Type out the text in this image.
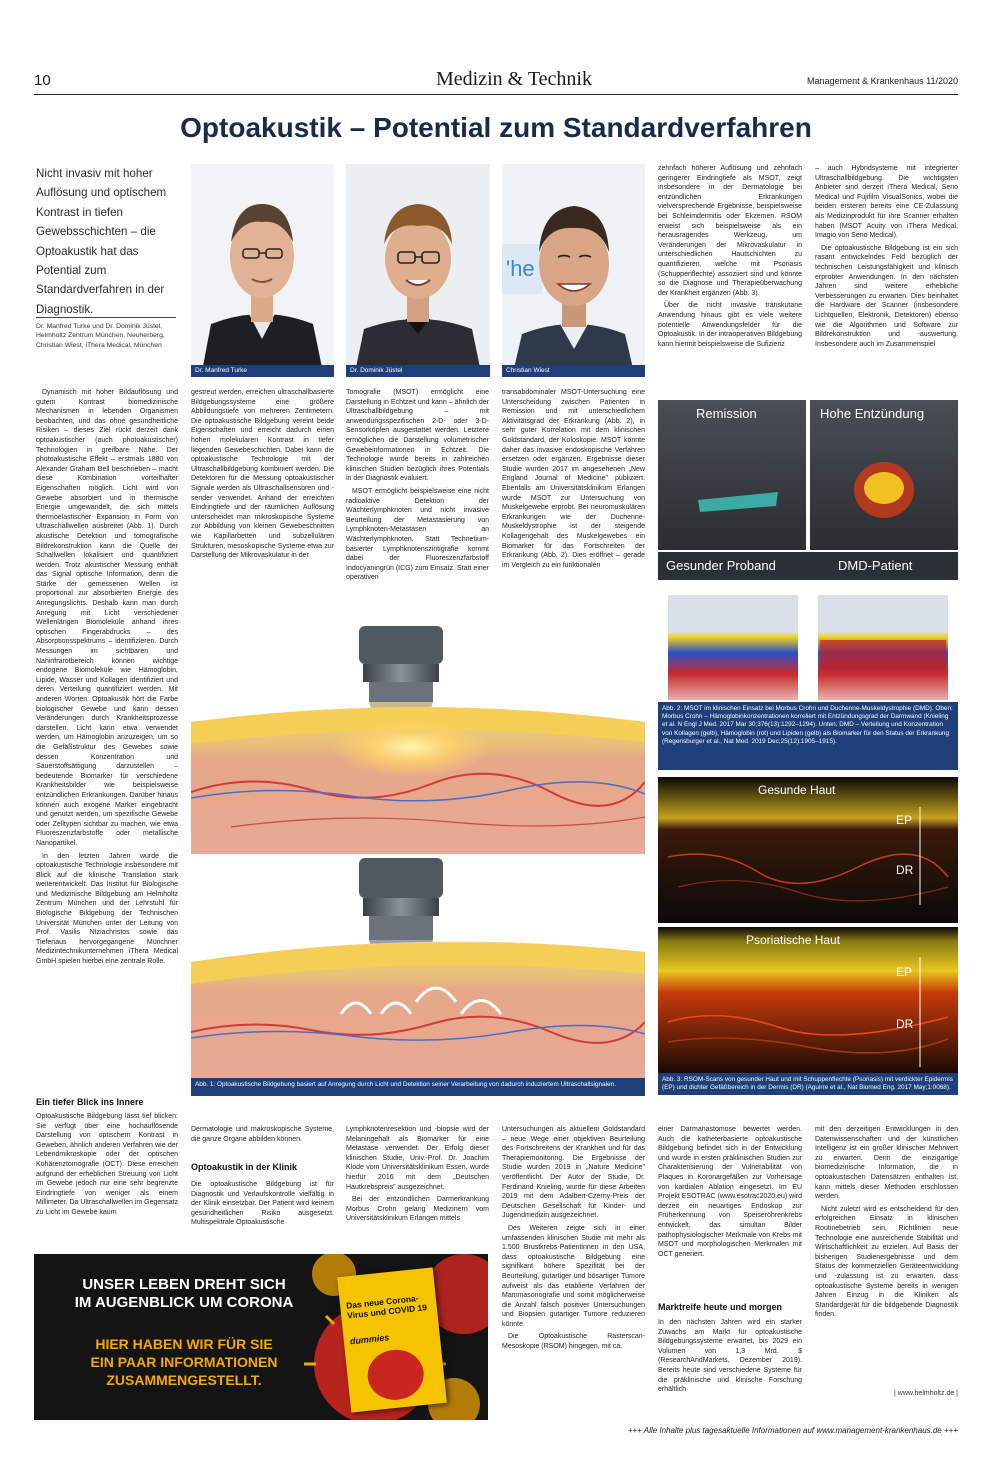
10	Medizin & Technik	Management & Krankenhaus 11/2020
Optoakustik – Potential zum Standardverfahren
Nicht invasiv mit hoher Auflösung und optischem Kontrast in tiefen Gewebsschichten – die Optoakustik hat das Potential zum Standardverfahren in der Diagnostik.
Dr. Manfred Turke und Dr. Dominik Jüstel, Helmholtz Zentrum München, Neuherberg, Christian Wiest, iThera Medical, München
Dr. Manfred Turke	Dr. Dominik Jüstel
'he
Christian Wiest

Dynamisch mit hoher Bildauflösung und gutem Kontrast biomedizinische Mechanismen in lebenden Organismen beobachten, und das ohne gesundheitliche Risiken – dieses Ziel rückt derzeit dank optoakustischer (auch photoakustischer) Technologien in greifbare Nähe. Der photoakustische Effekt – erstmals 1880 von Alexander Graham Bell beschrieben – macht diese Kombination vorteilhafter Eigenschaften möglich. Licht wird von Gewebe absorbiert und in thermische Energie umgewandelt, die sich mittels thermoelastischer Expansion in Form von Ultraschallwellen ausbreitet (Abb. 1). Durch akustische Detektion und tomografische Bildrekonstruktion kann die Quelle der Schallwellen lokalisiert und quantifiziert werden. Trotz akustischer Messung enthält das Signal optische Information, denn die Stärke der gemessenen Wellen ist proportional zur absorbierten Energie des Anregungslichts. Deshalb kann man durch Anregung mit Licht verschiedener Wellenlängen Biomoleküle anhand ihres optischen Fingerabdrucks – des Absorptionsspektrums – identifizieren. Durch Messungen im sichtbaren und Nahinfrarotbereich können wichtige endogene Biomoleküle wie Hämoglobin, Lipide, Wasser und Kollagen identifiziert und deren Verteilung quantifiziert werden. Mit anderen Worten: Optoakustik hört die Farbe biologischer Gewebe und kann dessen Veränderungen durch Krankheitsprozesse darstellen. Licht kann etwa verwendet werden, um Hämoglobin anzuzeigen, um so die Gefäßstruktur des Gewebes sowie dessen Konzentration und Sauerstoffsättigung darzustellen – bedeutende Biomarker für verschiedene Krankheitsbilder wie beispielsweise entzündlichen Erkrankungen. Darüber hinaus können auch exogene Marker eingebracht und genutzt werden, um spezifische Gewebe oder Zelltypen sichtbar zu machen, wie etwa Fluoreszenzfarbstoffe oder metallische Nanopartikel.

In den letzten Jahren wurde die optoakustische Technologie insbesondere mit Blick auf die klinische Translation stark weiterentwickelt. Das Institut für Biologische und Medizinische Bildgebung am Helmholtz Zentrum München und der Lehrstuhl für Biologische Bildgebung der Technischen Universität München unter der Leitung von Prof. Vasilis Ntziachristos sowie das Tiefenaus hervorgegangene Münchner Medizintechnikunternehmen iThera Medical GmbH spielen hierbei eine zentrale Rolle.

Ein tiefer Blick ins Innere

Optoakustische Bildgebung lässt tief blicken: Sie verfügt über eine hochauflösende Darstellung von optischem Kontrast in Geweben, ähnlich anderen Verfahren wie der Lebendmikroskopie oder der optischen Kohärenztomografie (OCT). Diese erreichen aufgrund der erheblichen Streuung von Licht im Gewebe jedoch nur eine sehr begrenzte Eindringtiefe von weniger als einem Millimeter. Da Ultraschallwellen im Gegensatz zu Licht im Gewebe kaum

gestreut werden, erreichen ultraschallbasierte Bildgebungssysteme eine größere Abbildungstiefe von mehreren Zentimetern. Die optoakustische Bildgebung vereint beide Eigenschaften und erreicht dadurch einen hohen molekularen Kontrast in tiefer liegenden Gewebeschichten. Dabei kann die optoakustische Technologie mit der Ultraschallbildgebung kombiniert werden. Die Detektoren für die Messung optoakustischer Signale werden als Ultraschallsensoren und -sender verwendet. Anhand der erreichten Eindringtiefe und der räumlichen Auflösung unterscheidet man mikroskopische Systeme zur Abbildung von kleinen Gewebeschnitten wie Kapillarbetten und subzellulären Strukturen, mesoskopische Systeme etwa zur Darstellung der Mikrovaskulatur in der

Tomografie (MSOT) ermöglicht eine Darstellung in Echtzeit und kann – ähnlich der Ultraschallbildgebung – mit anwendungsspezifischen 2-D- oder 3-D-Sensorköpfen ausgestattet werden. Letztere ermöglichen die Darstellung volumetrischer Gewebeinformationen in Echtzeit. Die Technologie wurde bereits in zahlreichen klinischen Studien bezüglich ihres Potentials in der Diagnostik evaluiert.

MSOT ermöglicht beispielsweise eine nicht radioaktive Detektion der Wächterlymphknoten und nicht invasive Beurteilung der Metastasierung von Lymphknoten-Metastasen an Wächterlymphknoten. Statt Technetium-basierter Lymphknotenszintigrafie kommt dabei der Fluoreszenzfarbstoff Indocyaningrün (ICG) zum Einsatz. Statt einer operativen

transabdominaler MSOT-Untersuchung eine Unterscheidung zwischen Patienten in Remission und mit unterschiedlichem Aktivitätsgrad der Erkrankung (Abb. 2), in sehr guter Korrelation mit dem klinischen Goldstandard, der Koloskopie. MSOT könnte daher das invasive endoskopische Verfahren ersetzen oder ergänzen. Ergebnisse dieser Studie wurden 2017 im angesehenen „New England Journal of Medicine" publiziert. Ebenfalls am Universitätsklinikum Erlangen wurde MSOT zur Untersuchung von Muskelgewebe erprobt. Bei neuromuskulären Erkrankungen wie der Duchenne-Muskeldystrophie ist der steigende Kollagengehalt des Muskelgewebes ein Biomarker für das Fortschreiten der Erkrankung (Abb. 2). Dies eröffnet – gerade im Vergleich zu ein funktionalen

zehnfach höherer Auflösung und zehnfach geringerer Eindringtiefe als MSOT, zeigt insbesondere in der Dermatologie bei entzündlichen Erkrankungen vielversprechende Ergebnisse, beispielsweise bei Schleimdermitis oder Ekzemen. RSOM erweist sich beispielsweise als ein herausragendes Werkzeug, um Veränderungen der Mikrovaskulatur in unterschiedlichen Hautschichten zu quantifizieren, welche mit Psoriasis (Schuppenflechte) assoziiert sind und könnte so die Diagnose und Therapieüberwachung der Krankheit ergänzen (Abb. 3).

Über die nicht invasive transkutane Anwendung hinaus gibt es viele weitere potentielle Anwendungsfelder für die Optoakustik. In der intraoperativen Bildgebung kann hiermit beispielsweise die Sufizienz

– auch Hybridsysteme mit integrierter Ultraschallbildgebung. Die wichtigsten Anbieter sind derzeit iThera Medical, Seno Medical und Fujifilm VisualSonics, wobei die beiden ersteren bereits eine CE-Zulassung als Medizinprodukt für ihre Scanner erhalten haben (MSOT Acuity von iThera Medical, Imagio von Seno Medical).

Die optoakustische Bildgebung ist ein sich rasant entwickelndes Feld bezüglich der technischen Leistungsfähigkeit und klinisch erprobter Anwendungen. In den nächsten Jahren sind weitere erhebliche Verbesserungen zu erwarten. Dies beinhaltet die Hardware der Scanner (insbesondere Lichtquellen, Elektronik, Detektoren) ebenso wie die Algorithmen und Software zur Bildrekonstruktion und -auswertung. Insbesondere auch im Zusammenspiel

Abb. 1: Optoakustische Bildgebung basiert auf Anregung durch Licht und Detektion seiner Verarbeitung von dadurch induziertem Ultraschallsignalen.
Remission	Hohe Entzündung
Gesunder Proband	DMD-Patient
Abb. 2: MSOT im klinischen Einsatz bei Morbus Crohn und Duchenne-Muskeldystrophie (DMD). Oben: Morbus Crohn – Hämoglobinkonzentrationen korreliert mit Entzündungsgrad der Darmwand (Knieling et al. N Engl J Med. 2017 Mar 30;376(13):1292–1294). Unten: DMD – Verteilung und Konzentration von Kollagen (gelb), Hämoglobin (rot) und Lipiden (gelb) als Biomarker für den Status der Erkrankung (Regensburger et al., Nat Med. 2019 Dec;25(12):1905–1915).
Gesunde Haut
Psoriatische Haut
EP
DR
EP
DR
Abb. 3: RSOM-Scans von gesunder Haut und mit Schuppenflechte (Psoriasis) mit verdickter Epidermis (EP) und dichter Gefäßbereich in der Dermis (DR) (Aguirre et al., Nat Biomed Eng. 2017 May;1:0068).

Dermatologie und makroskopische Systeme, die ganze Organe abbilden können.

Optoakustik in der Klinik

Die optoakustische Bildgebung ist für Diagnostik und Verlaufskontrolle vielfältig in der Klinik einsetzbar. Der Patient wird keinem gesundheitlichen Risiko ausgesetzt. Multispektrale Optoakustische

Lymphknotenresektion und -biopsie wird der Melaningehalt als Biomarker für eine Metastase verwendet. Der Erfolg dieser klinischen Studie, Univ.-Prof. Dr. Joachim Klode vom Universitätsklinikum Essen, wurde hierfür 2016 mit dem „Deutschen Hautkrebspreis" ausgezeichnet.

Bei der entzündlichen Darmerkrankung Morbus Crohn gelang Medizinern vom Universitätsklinikum Erlangen mittels

Untersuchungen als aktuellem Goldstandard – neue Wege einer objektiven Beurteilung des Fortschreitens der Krankheit und für das Therapiemonitoring. Die Ergebnisse der Studie wurden 2019 in „Nature Medicine" veröffentlicht. Der Autor der Studie, Dr. Ferdinand Knieling, wurde für diese Arbeiten 2019 mit dem Adalbert-Czerny-Preis der Deutschen Gesellschaft für Kinder- und Jugendmedizin ausgezeichnet.

Des Weiteren zeigte sich in einer umfassenden klinischen Studie mit mehr als 1.500 Brustkrebs-Patientinnen in den USA, dass optoakustische Bildgebung eine signifikant höhere Spezifität bei der Beurteilung, gutartiger und bösartiger Tumore aufweist als das etablierte Verfahren der Mammasonografie und somit möglicherweise die Anzahl falsch positiver Untersuchungen und Biopsien gutartiger Tumore reduzieren könnte.

Die Optoakustische Rasterscan-Mesoskopie (RSOM) hingegen, mit ca.

einer Darmanastomose bewertet werden. Auch die katheterbasierte optoakustische Bildgebung befindet sich in der Entwicklung und wurde in ersten präklinischen Studien zur Charakterisierung der Vulnerabilität von Plaques in Koronargefäßen zur Vorhersage von kardialen Ablation eingesetzt. Im EU Projekt ESOTRAC (www.esotrac2020.eu) wird derzeit ein neuartiges Endoskop zur Früherkennung von Speiseröhrenkrebs entwickelt, das simultan Bilder pathophysiologischer Merkmale von Krebs mit MSOT und morphologischen Merkmalen mit OCT generiert.

Marktreife heute und morgen

In den nächsten Jahren wird ein starker Zuwachs am Markt für optoakustische Bildgebungssysteme erwartet, bis 2029 ein Volumen von 1,3 Mrd. $ (ResearchAndMarkets, Dezember 2019). Bereits heute sind verschiedene Systeme für die präklinische und klinische Forschung erhältlich

mit den derzeitigen Entwicklungen in den Datenwissenschaften und der künstlichen Intelligenz ist ein großer klinischer Mehrwert zu erwarten. Denn die einzigartige biomedizinische Information, die in optoakustischen Datensätzen enthalten ist, kann mittels dieser Methoden erschlossen werden.

Nicht zuletzt wird es entscheidend für den erfolgreichen Einsatz in klinischen Routinebetrieb sein, Richtlinien neue Technologie eine ausreichende Stabilität und Wirtschaftlichkeit zu erzielen. Auf Basis der bisherigen Studienergebnisse und dem Status der kommerziellen Geräteentwicklung und -zulassung ist zu erwarten, dass optoakustische Systeme bereits in wenigen Jahren Einzug in die Kliniken als Standardgerät für die bildgebende Diagnostik finden.

| www.helmholtz.de |
Das neue Corona-Virus und COVID 19
dummies
UNSER LEBEN DREHT SICH
IM AUGENBLICK UM CORONA
HIER HABEN WIR FÜR SIE
EIN PAAR INFORMATIONEN
ZUSAMMENGESTELLT.
+++ Alle Inhalte plus tagesaktuelle Informationen auf www.management-krankenhaus.de +++
